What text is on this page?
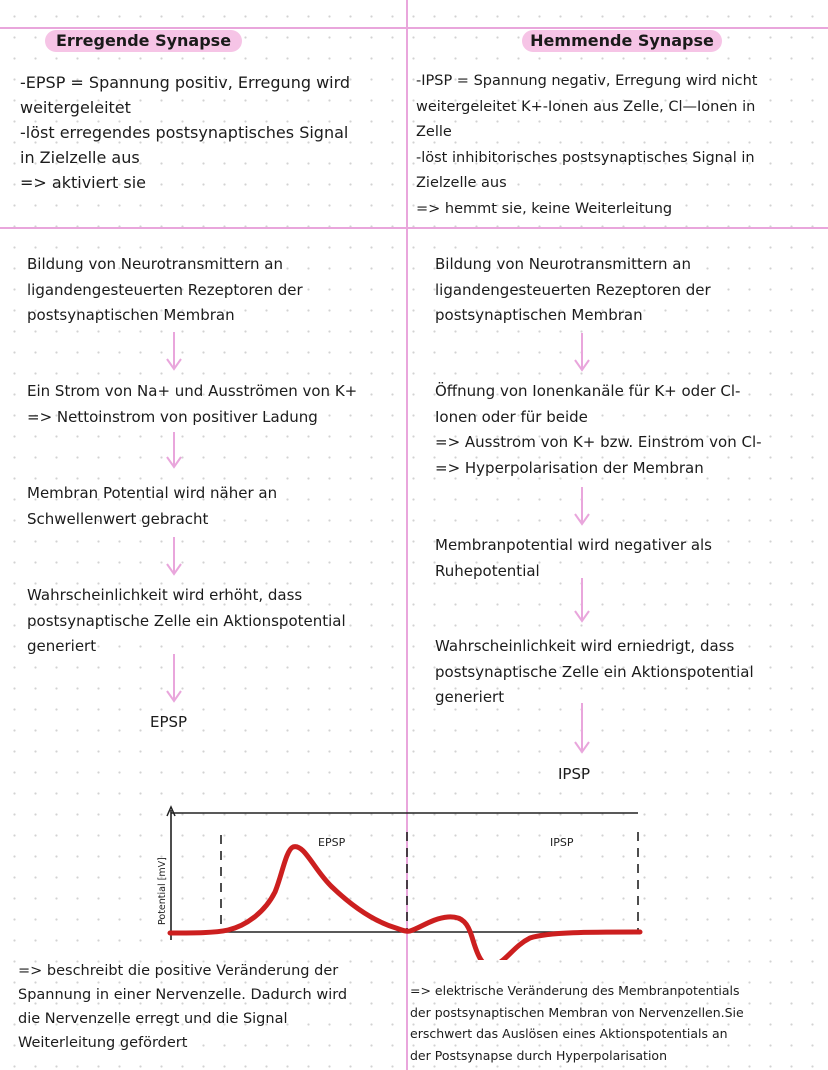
Erregende Synapse	Hemmende Synapse
-EPSP = Spannung positiv, Erregung wird
weitergeleitet
-löst erregendes postsynaptisches Signal
in Zielzelle aus
=> aktiviert sie
-IPSP = Spannung negativ, Erregung wird nicht
weitergeleitet K+-Ionen aus Zelle, Cl—Ionen in
Zelle
-löst inhibitorisches postsynaptisches Signal in
Zielzelle aus
=> hemmt sie, keine Weiterleitung
Bildung von Neurotransmittern an
ligandengesteuerten Rezeptoren der
postsynaptischen Membran
Ein Strom von Na+ und Ausströmen von K+
=> Nettoinstrom von positiver Ladung
Membran Potential wird näher an
Schwellenwert gebracht
Wahrscheinlichkeit wird erhöht, dass
postsynaptische Zelle ein Aktionspotential
generiert
EPSP
Bildung von Neurotransmittern an
ligandengesteuerten Rezeptoren der
postsynaptischen Membran
Öffnung von Ionenkanäle für K+ oder Cl-
Ionen oder für beide
=> Ausstrom von K+ bzw. Einstrom von Cl-
=> Hyperpolarisation der Membran
Membranpotential wird negativer als
Ruhepotential
Wahrscheinlichkeit wird erniedrigt, dass
postsynaptische Zelle ein Aktionspotential
generiert
IPSP
Potential [mV]
EPSP	IPSP
=> beschreibt die positive Veränderung der
Spannung in einer Nervenzelle. Dadurch wird
die Nervenzelle erregt und die Signal
Weiterleitung gefördert
=> elektrische Veränderung des Membranpotentials
der postsynaptischen Membran von Nervenzellen.Sie
erschwert das Auslösen eines Aktionspotentials an
der Postsynapse durch Hyperpolarisation
